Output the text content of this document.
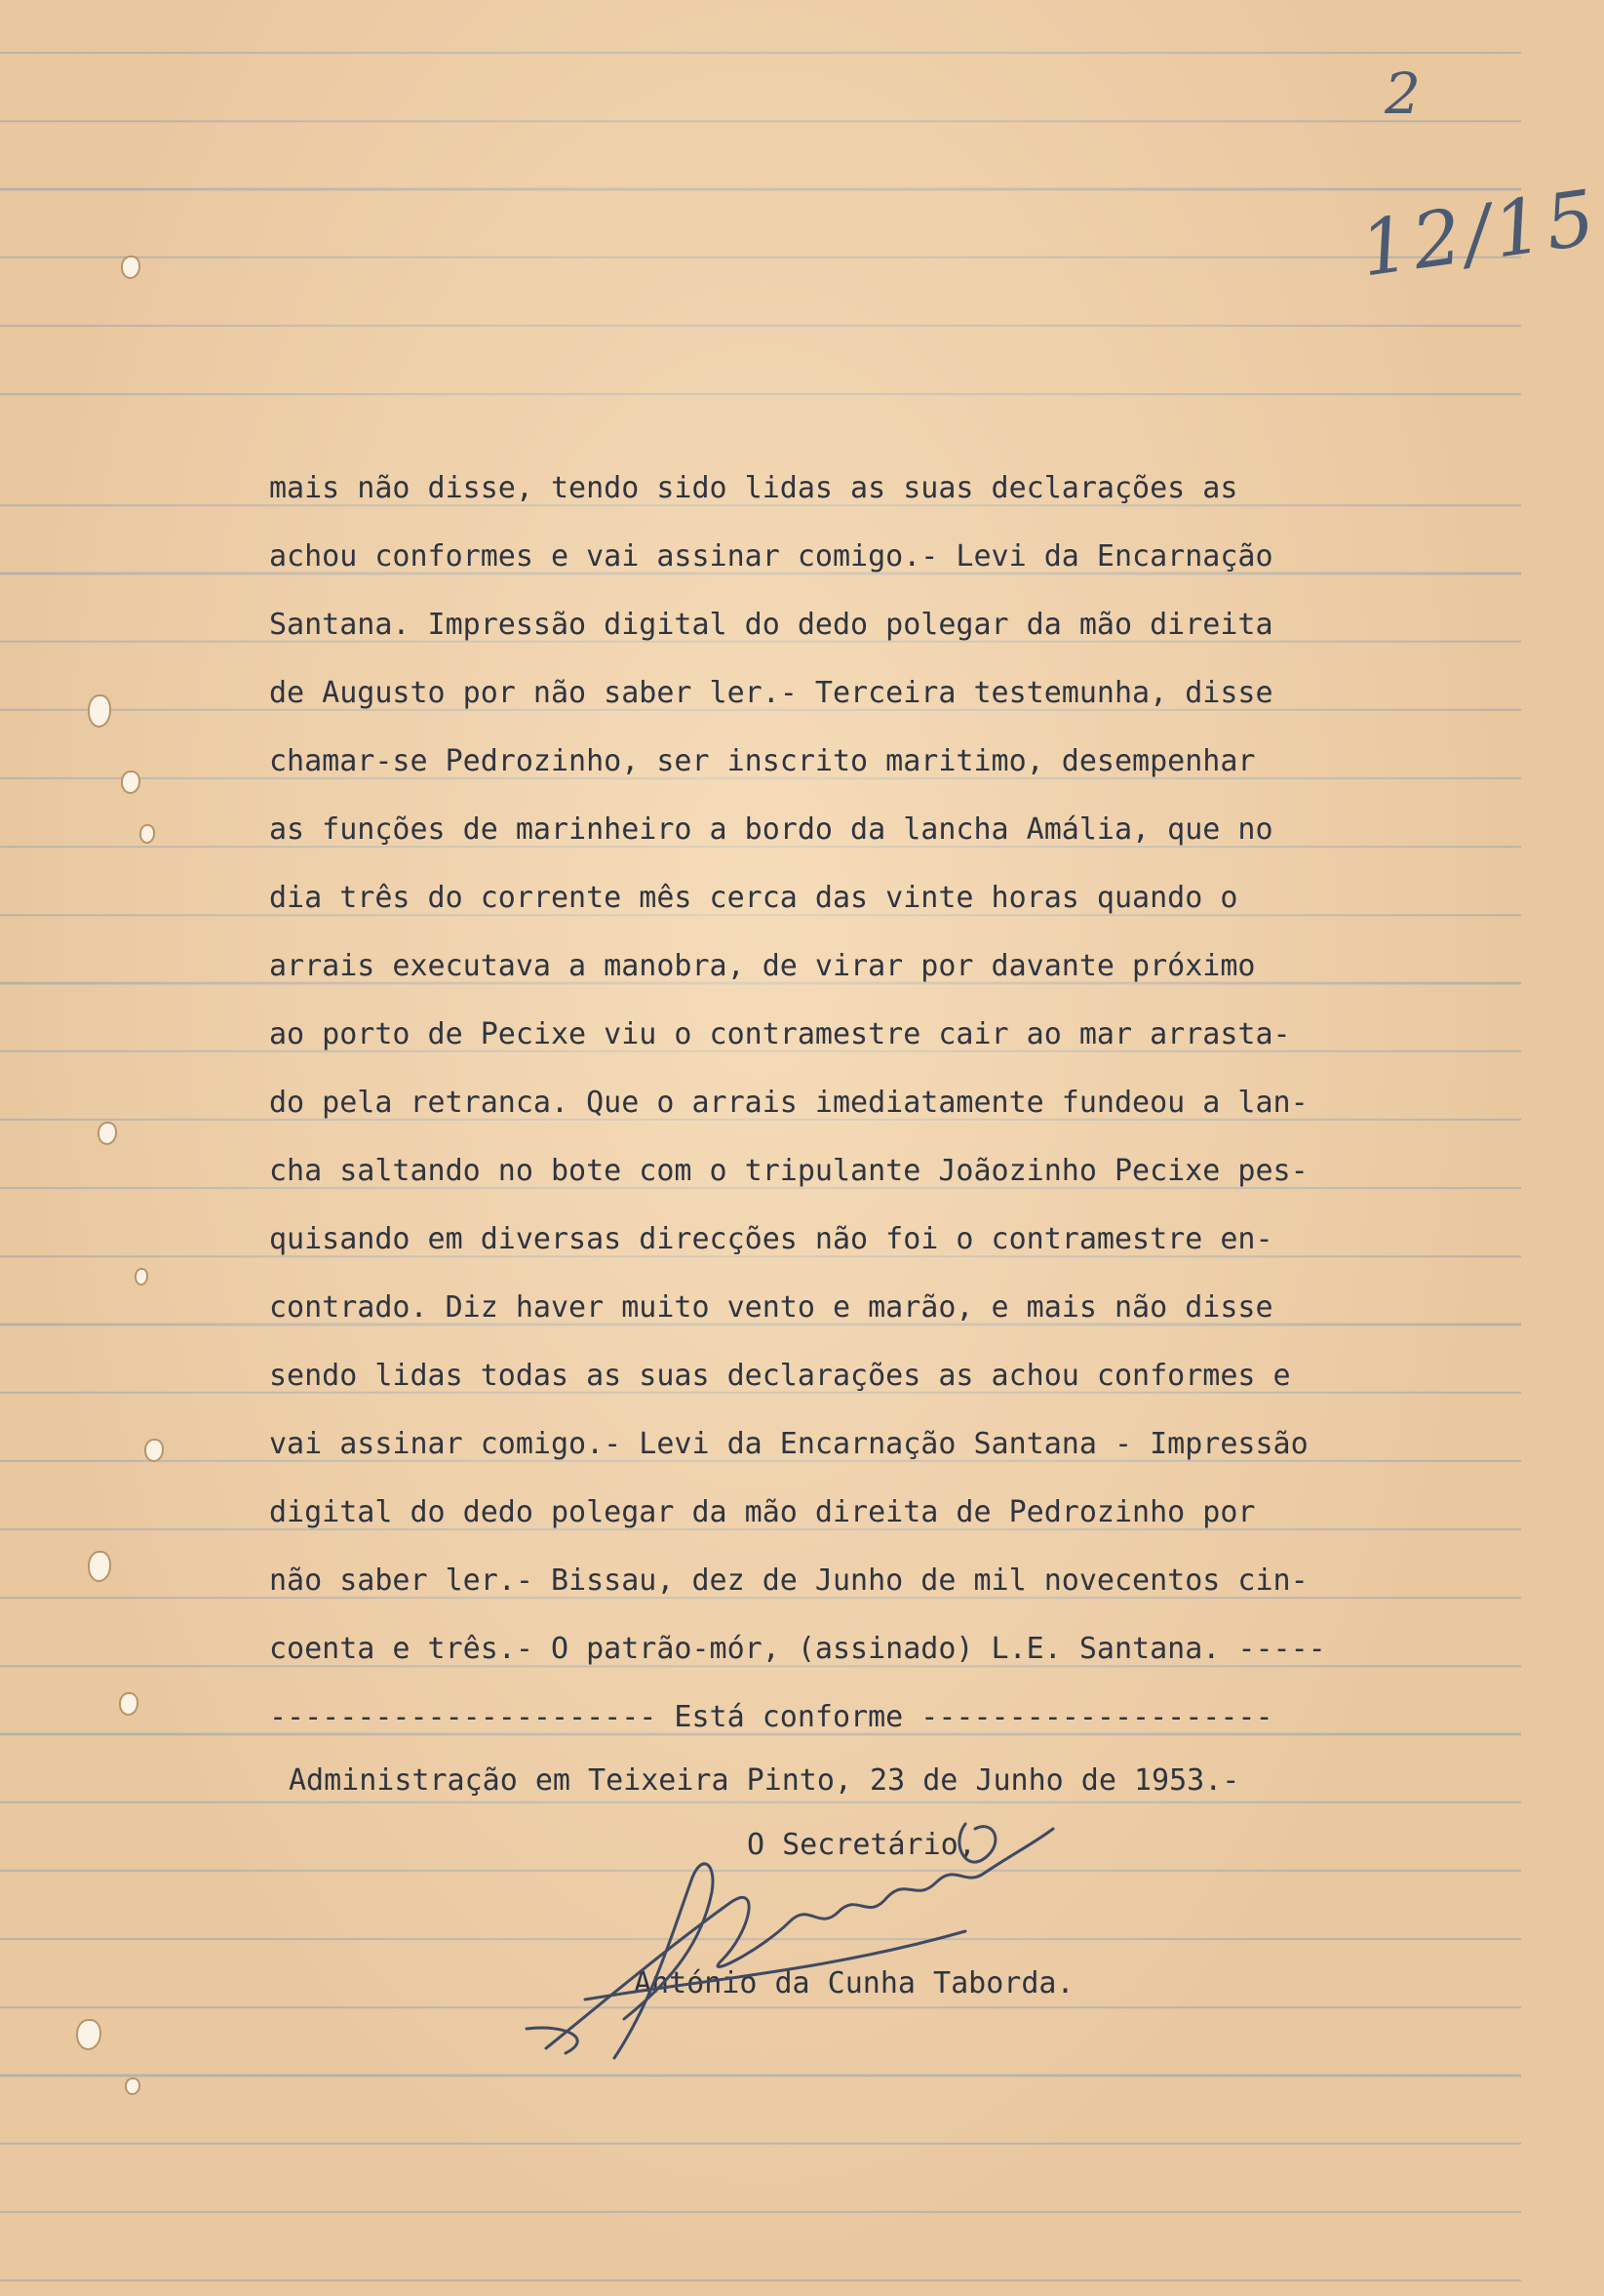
2
12/15
mais não disse, tendo sido lidas as suas declarações as
achou conformes e vai assinar comigo.- Levi da Encarnação
Santana. Impressão digital do dedo polegar da mão direita
de Augusto por não saber ler.- Terceira testemunha, disse
chamar-se Pedrozinho, ser inscrito maritimo, desempenhar
as funções de marinheiro a bordo da lancha Amália, que no
dia três do corrente mês cerca das vinte horas quando o
arrais executava a manobra, de virar por davante próximo
ao porto de Pecixe viu o contramestre cair ao mar arrasta-
do pela retranca. Que o arrais imediatamente fundeou a lan-
cha saltando no bote com o tripulante Joãozinho Pecixe pes-
quisando em diversas direcções não foi o contramestre en-
contrado. Diz haver muito vento e marão, e mais não disse
sendo lidas todas as suas declarações as achou conformes e
vai assinar comigo.- Levi da Encarnação Santana - Impressão
digital do dedo polegar da mão direita de Pedrozinho por
não saber ler.- Bissau, dez de Junho de mil novecentos cin-
coenta e três.- O patrão-mór, (assinado) L.E. Santana. -----
---------------------- Está conforme --------------------
Administração em Teixeira Pinto, 23 de Junho de 1953.-
O Secretário,
António da Cunha Taborda.
